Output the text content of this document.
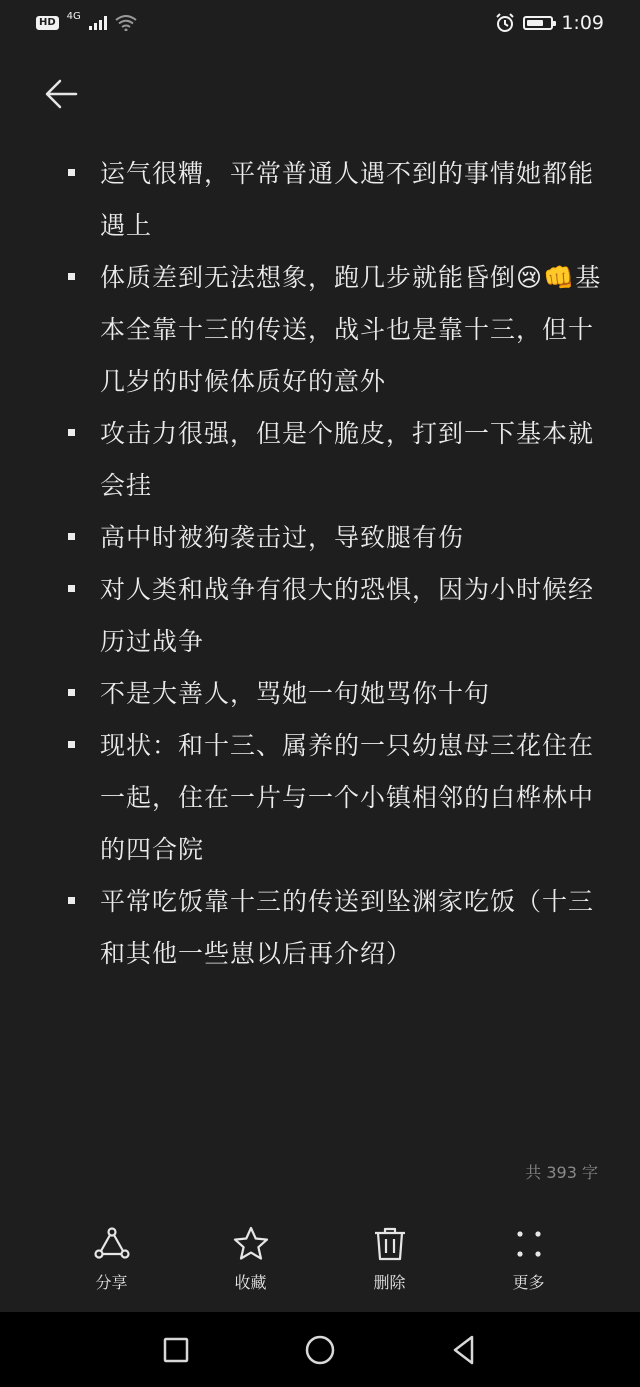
HD
4G	1:09
运气很糟，平常普通人遇不到的事情她都能遇上
体质差到无法想象，跑几步就能昏倒😢👊基本全靠十三的传送，战斗也是靠十三，但十几岁的时候体质好的意外
攻击力很强，但是个脆皮，打到一下基本就会挂
高中时被狗袭击过，导致腿有伤
对人类和战争有很大的恐惧，因为小时候经历过战争
不是大善人，骂她一句她骂你十句
现状：和十三、属养的一只幼崽母三花住在一起，住在一片与一个小镇相邻的白桦林中的四合院
平常吃饭靠十三的传送到坠渊家吃饭（十三和其他一些崽以后再介绍）
共 393 字
分享	收藏	删除	更多
